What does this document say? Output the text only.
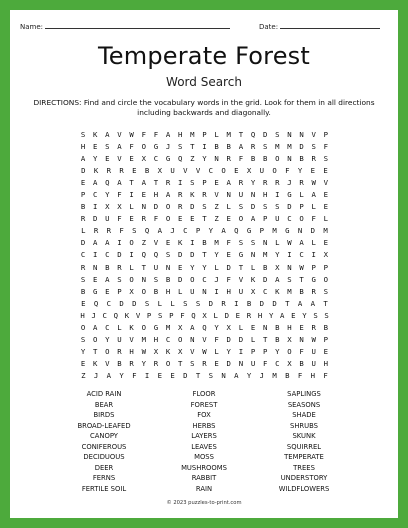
Name:	Date:
Temperate Forest
Word Search
DIRECTIONS: Find and circle the vocabulary words in the grid. Look for them in all directions including backwards and diagonally.
S	K	A	V	W	F	F	A	H	M	P	L	M	T	Q	D	S	N	N	V	P
H	E	S	A	F	O	G	J	S	T	I	B	B	A	R	S	M	M	D	S	F
A	Y	E	V	E	X	C	G	Q	Z	Y	N	R	F	B	B	O	N	B	R	S
D	K	R	R	E	B	X	U	V	V	C	O	E	X	U	O	F	Y	E	E
E	A	Q	A	T	A	T	R	I	S	P	E	A	R	Y	R	R	J	R	W	V
P	C	Y	F	I	E	H	A	R	K	R	V	N	U	N	H	I	G	L	A	E
B	I	X	X	L	N	D	O	R	D	S	Z	L	S	D	S	S	D	P	L	E
R	D	U	F	E	R	F	O	E	E	T	Z	E	O	A	P	U	C	O	F	L
L	R	R	F	S	Q	A	J	C	P	Y	A	Q	G	P	M	G	N	D	M
D	A	A	I	O	Z	V	E	K	I	B	M	F	S	S	N	L	W	A	L	E
C	I	C	D	I	Q	Q	S	D	D	T	Y	E	G	N	M	Y	I	C	I	X
R	N	B	R	L	T	U	N	E	Y	Y	L	D	T	L	B	X	N	W	P	P
S	E	A	S	O	N	S	B	D	O	C	J	F	V	K	D	A	S	T	G	O
B	G	E	P	X	O	B	H	L	U	N	I	H	U	X	C	K	M	B	R	S
E	Q	C	D	D	S	L	L	S	S	D	R	I	B	D	D	T	A	A	T
H J C Q K V P S P F Q X L D E R H Y A E Y S S
O	A	C	L	K	O	G	M	X	A	Q	Y	X	L	E	N	B	H	E	R	B
S	O	Y	U	V	M	H	C	O	N	V	F	D	D	L	T	B	X	N	W	P
Y	T	O	R	H	W	X	K	X	V	W	L	Y	I	P	P	Y	O	F	U	E
E	K	V	B	R	Y	R	O	T	S	R	E	D	N	U	F	C	X	B	U	H
Z	J	A	Y	F	I	E	E	D	T	S	N	A	Y	J	M	B	F	H	F
ACID RAIN
BEAR
BIRDS
BROAD-LEAFED
CANOPY
CONIFEROUS
DECIDUOUS
DEER
FERNS
FERTILE SOIL
FLOOR
FOREST
FOX
HERBS
LAYERS
LEAVES
MOSS
MUSHROOMS
RABBIT
RAIN
SAPLINGS
SEASONS
SHADE
SHRUBS
SKUNK
SQUIRREL
TEMPERATE
TREES
UNDERSTORY
WILDFLOWERS
© 2023 puzzles-to-print.com
